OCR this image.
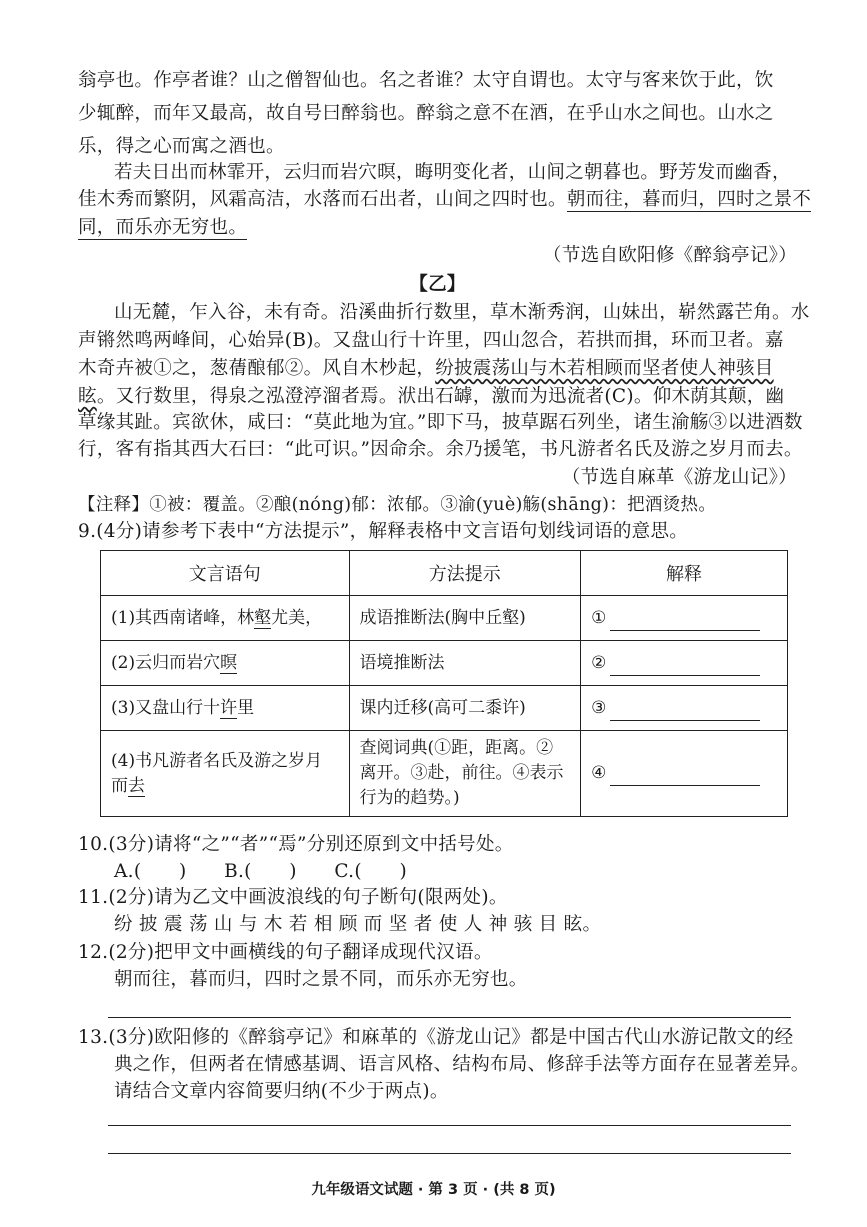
翁亭也。作亭者谁？山之僧智仙也。名之者谁？太守自谓也。太守与客来饮于此，饮
少辄醉，而年又最高，故自号曰醉翁也。醉翁之意不在酒，在乎山水之间也。山水之
乐，得之心而寓之酒也。
若夫日出而林霏开，云归而岩穴暝，晦明变化者，山间之朝暮也。野芳发而幽香，
佳木秀而繁阴，风霜高洁，水落而石出者，山间之四时也。朝而往，暮而归，四时之景不
同，而乐亦无穷也。
（节选自欧阳修《醉翁亭记》）
【乙】
山无麓，乍入谷，未有奇。沿溪曲折行数里，草木渐秀润，山妹出，崭然露芒角。水
声锵然鸣两峰间，心始异(B)。又盘山行十许里，四山忽合，若拱而揖，环而卫者。嘉
木奇卉被①之，葱蒨酿郁②。风自木杪起，纷披震荡山与木若相顾而坚者使人神骇目
眩。又行数里，得泉之泓澄渟溜者焉。洑出石罅，激而为迅流者(C)。仰木荫其颠，幽
草缘其趾。宾欲休，咸曰：“莫此地为宜。”即下马，披草踞石列坐，诸生渝觞③以进酒数
行，客有指其西大石曰：“此可识。”因命余。余乃援笔，书凡游者名氏及游之岁月而去。
（节选自麻革《游龙山记》）
【注释】①被：覆盖。②酿(nóng)郁：浓郁。③渝(yuè)觞(shāng)：把酒烫热。
9.(4分)请参考下表中“方法提示”，解释表格中文言语句划线词语的意思。
文言语句	方法提示	解释
(1)其西南诸峰，林壑尤美，	成语推断法(胸中丘壑)	①
(2)云归而岩穴暝	语境推断法	②
(3)又盘山行十许里	课内迁移(高可二黍许)	③
(4)书凡游者名氏及游之岁月而去	查阅词典(①距，距离。②离开。③赴，前往。④表示行为的趋势。)	④
10.(3分)请将“之”“者”“焉”分别还原到文中括号处。
A.(　　)　　B.(　　)　　C.(　　)
11.(2分)请为乙文中画波浪线的句子断句(限两处)。
纷 披 震 荡 山 与 木 若 相 顾 而 坚 者 使 人 神 骇 目 眩。
12.(2分)把甲文中画横线的句子翻译成现代汉语。
朝而往，暮而归，四时之景不同，而乐亦无穷也。
13.(3分)欧阳修的《醉翁亭记》和麻革的《游龙山记》都是中国古代山水游记散文的经
典之作，但两者在情感基调、语言风格、结构布局、修辞手法等方面存在显著差异。
请结合文章内容简要归纳(不少于两点)。
九年级语文试题 · 第 3 页 · (共 8 页)
